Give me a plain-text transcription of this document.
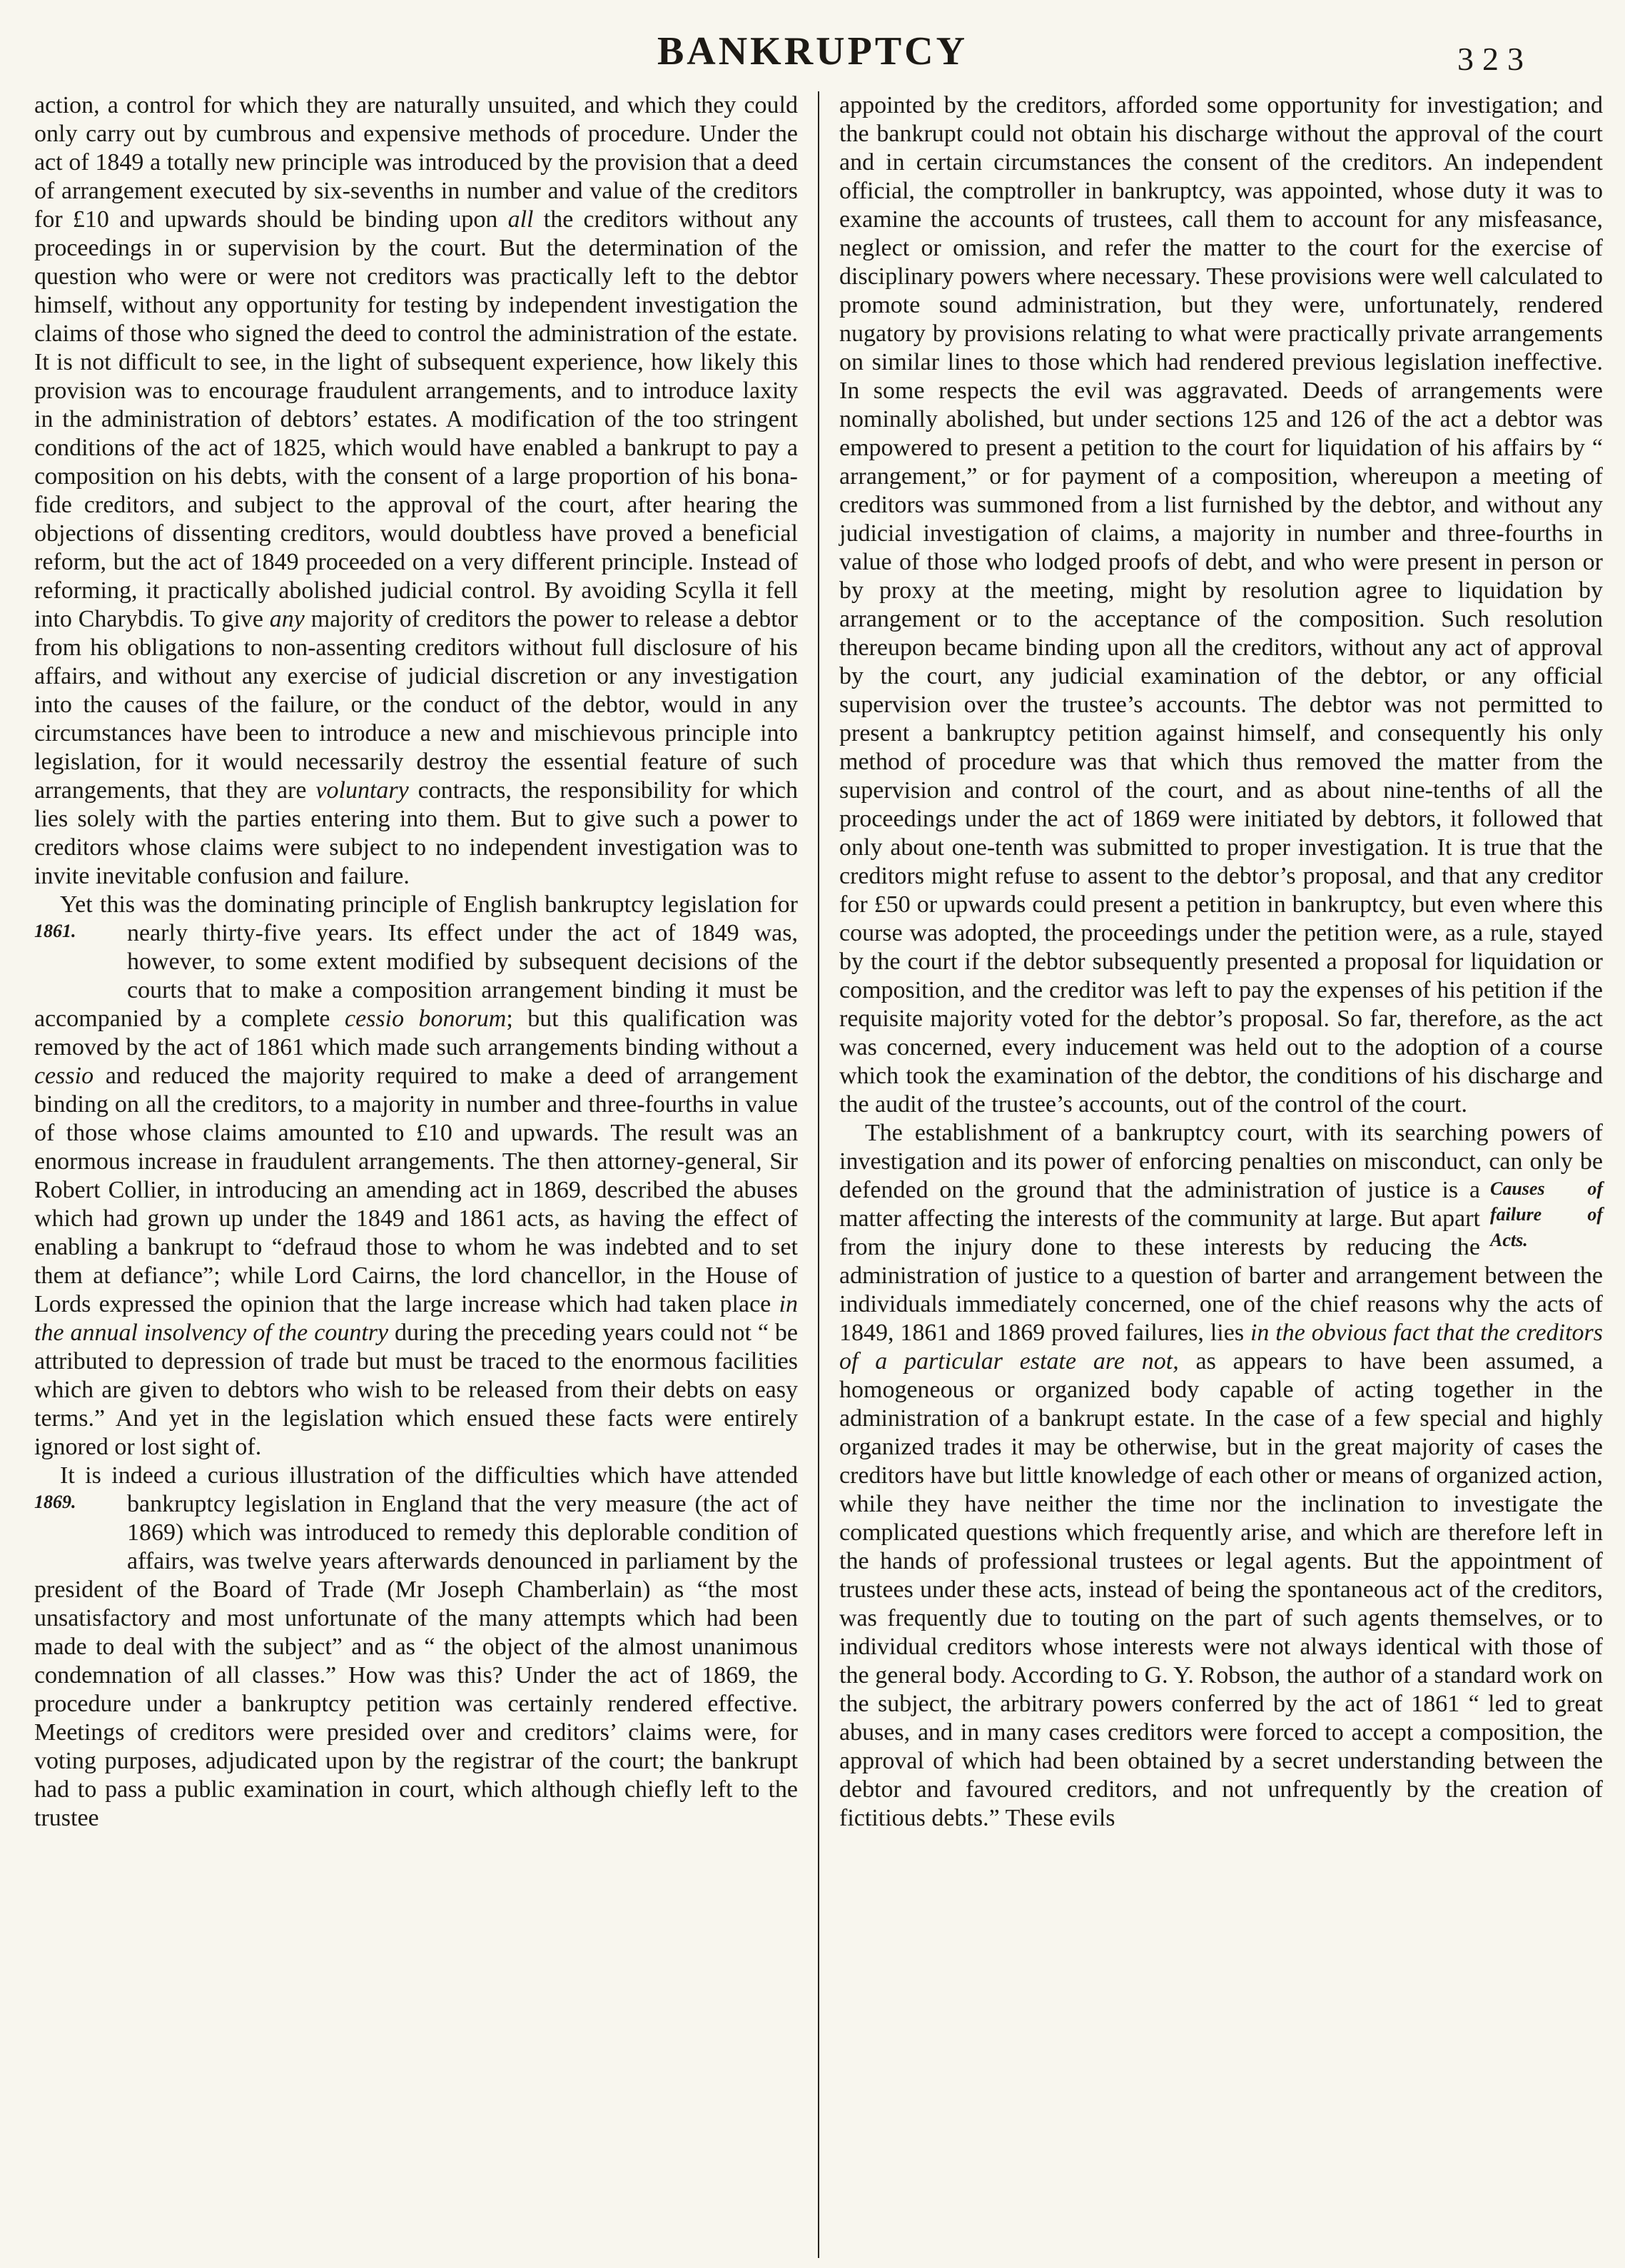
BANKRUPTCY	323

action, a control for which they are naturally unsuited, and which they could only carry out by cumbrous and expensive methods of procedure. Under the act of 1849 a totally new principle was introduced by the provision that a deed of arrangement executed by six-sevenths in number and value of the creditors for £10 and upwards should be binding upon all the creditors without any proceedings in or supervision by the court. But the determination of the question who were or were not creditors was practically left to the debtor himself, without any opportunity for testing by independent investigation the claims of those who signed the deed to control the administration of the estate. It is not difficult to see, in the light of subsequent experience, how likely this provision was to encourage fraudulent arrangements, and to introduce laxity in the administration of debtors’ estates. A modification of the too stringent conditions of the act of 1825, which would have enabled a bankrupt to pay a composition on his debts, with the consent of a large proportion of his bona-fide creditors, and subject to the approval of the court, after hearing the objections of dissenting creditors, would doubtless have proved a beneficial reform, but the act of 1849 proceeded on a very different principle. Instead of reforming, it practically abolished judicial control. By avoiding Scylla it fell into Charybdis. To give any majority of creditors the power to release a debtor from his obligations to non-assenting creditors without full disclosure of his affairs, and without any exercise of judicial discretion or any investigation into the causes of the failure, or the conduct of the debtor, would in any circumstances have been to introduce a new and mischievous principle into legislation, for it would necessarily destroy the essential feature of such arrangements, that they are voluntary contracts, the responsibility for which lies solely with the parties entering into them. But to give such a power to creditors whose claims were subject to no independent investigation was to invite inevitable confusion and failure.

Yet this was the dominating principle of English bankruptcy legislation for nearly thirty-five years. Its effect under the act
1861.	of 1849 was, however, to some extent modified by subsequent decisions of the courts that to make a composition arrangement binding it must be accompanied by a complete cessio bonorum; but this qualification was removed by the act of 1861 which made such arrangements binding without a cessio and reduced the majority required to make a deed of arrangement binding on all the creditors, to a majority in number and three-fourths in value of those whose claims amounted to £10 and upwards. The result was an enormous increase in fraudulent arrangements. The then attorney-general, Sir Robert Collier, in introducing an amending act in 1869, described the abuses which had grown up under the 1849 and 1861 acts, as having the effect of enabling a bankrupt to “defraud those to whom he was indebted and to set them at defiance”; while Lord Cairns, the lord chancellor, in the House of Lords expressed the opinion that the large increase which had taken place in the annual insolvency of the country during the preceding years could not “ be attributed to depression of trade but must be traced to the enormous facilities which are given to debtors who wish to be released from their debts on easy terms.” And yet in the legislation which ensued these facts were entirely ignored or lost sight of.

It is indeed a curious illustration of the difficulties which have attended bankruptcy legislation in England that the very measure
1869.	(the act of 1869) which was introduced to remedy this deplorable condition of affairs, was twelve years afterwards denounced in parliament by the president of the Board of Trade (Mr Joseph Chamberlain) as “the most unsatisfactory and most unfortunate of the many attempts which had been made to deal with the subject” and as “ the object of the almost unanimous condemnation of all classes.” How was this? Under the act of 1869, the procedure under a bankruptcy petition was certainly rendered effective. Meetings of creditors were presided over and creditors’ claims were, for voting purposes, adjudicated upon by the registrar of the court; the bankrupt had to pass a public examination in court, which although chiefly left to the trustee

appointed by the creditors, afforded some opportunity for investigation; and the bankrupt could not obtain his discharge without the approval of the court and in certain circumstances the consent of the creditors. An independent official, the comptroller in bankruptcy, was appointed, whose duty it was to examine the accounts of trustees, call them to account for any misfeasance, neglect or omission, and refer the matter to the court for the exercise of disciplinary powers where necessary. These provisions were well calculated to promote sound administration, but they were, unfortunately, rendered nugatory by provisions relating to what were practically private arrangements on similar lines to those which had rendered previous legislation ineffective. In some respects the evil was aggravated. Deeds of arrangements were nominally abolished, but under sections 125 and 126 of the act a debtor was empowered to present a petition to the court for liquidation of his affairs by “ arrangement,” or for payment of a composition, whereupon a meeting of creditors was summoned from a list furnished by the debtor, and without any judicial investigation of claims, a majority in number and three-fourths in value of those who lodged proofs of debt, and who were present in person or by proxy at the meeting, might by resolution agree to liquidation by arrangement or to the acceptance of the composition. Such resolution thereupon became binding upon all the creditors, without any act of approval by the court, any judicial examination of the debtor, or any official supervision over the trustee’s accounts. The debtor was not permitted to present a bankruptcy petition against himself, and consequently his only method of procedure was that which thus removed the matter from the supervision and control of the court, and as about nine-tenths of all the proceedings under the act of 1869 were initiated by debtors, it followed that only about one-tenth was submitted to proper investigation. It is true that the creditors might refuse to assent to the debtor’s proposal, and that any creditor for £50 or upwards could present a petition in bankruptcy, but even where this course was adopted, the proceedings under the petition were, as a rule, stayed by the court if the debtor subsequently presented a proposal for liquidation or composition, and the creditor was left to pay the expenses of his petition if the requisite majority voted for the debtor’s proposal. So far, therefore, as the act was concerned, every inducement was held out to the adoption of a course which took the examination of the debtor, the conditions of his discharge and the audit of the trustee’s accounts, out of the control of the court.

The establishment of a bankruptcy court, with its searching powers of investigation and its power of enforcing penalties on misconduct, can only be defended on the ground that	Causes of failure of Acts.
the administration of justice is a matter affecting the interests of the community at large. But apart from the injury done to these interests by reducing the administration of justice to a question of barter and arrangement between the individuals immediately concerned, one of the chief reasons why the acts of 1849, 1861 and 1869 proved failures, lies in the obvious fact that the creditors of a particular estate are not, as appears to have been assumed, a homogeneous or organized body capable of acting together in the administration of a bankrupt estate. In the case of a few special and highly organized trades it may be otherwise, but in the great majority of cases the creditors have but little knowledge of each other or means of organized action, while they have neither the time nor the inclination to investigate the complicated questions which frequently arise, and which are therefore left in the hands of professional trustees or legal agents. But the appointment of trustees under these acts, instead of being the spontaneous act of the creditors, was frequently due to touting on the part of such agents themselves, or to individual creditors whose interests were not always identical with those of the general body. According to G. Y. Robson, the author of a standard work on the subject, the arbitrary powers conferred by the act of 1861 “ led to great abuses, and in many cases creditors were forced to accept a composition, the approval of which had been obtained by a secret understanding between the debtor and favoured creditors, and not unfrequently by the creation of fictitious debts.” These evils
